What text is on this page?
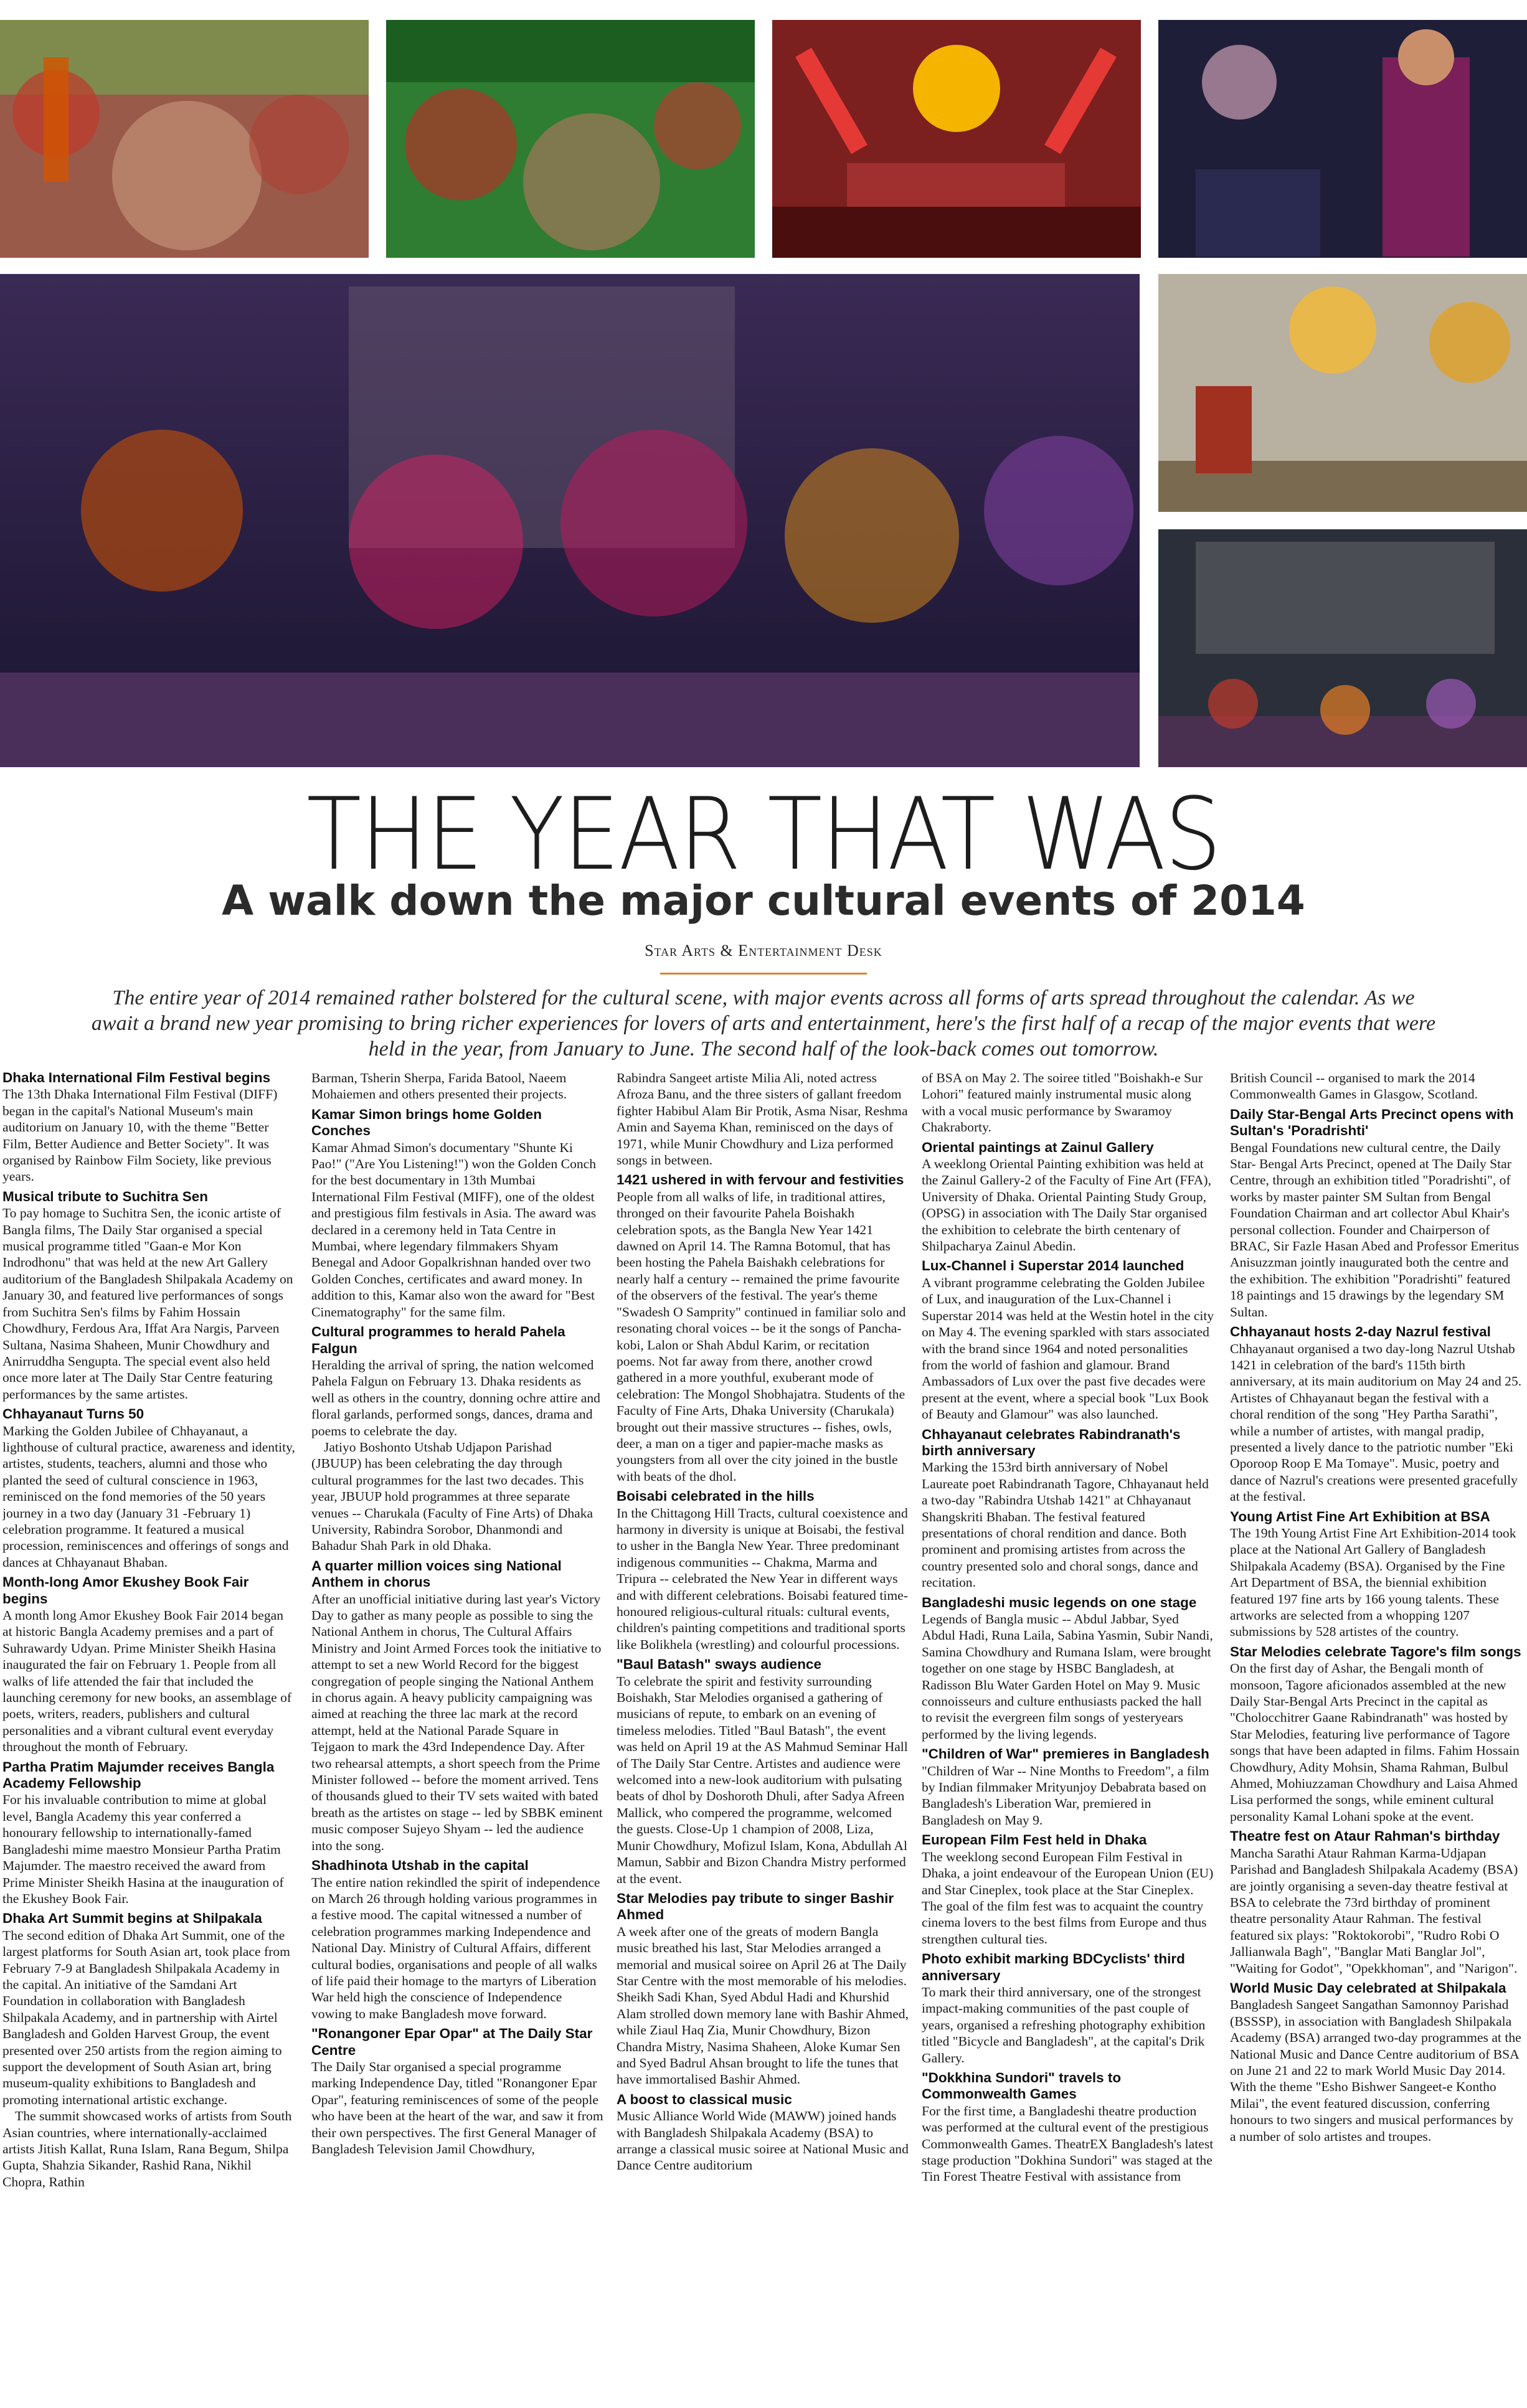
THE YEAR THAT WAS
A walk down the major cultural events of 2014
Star Arts & Entertainment Desk

The entire year of 2014 remained rather bolstered for the cultural scene, with major events across all forms of arts spread throughout the calendar. As we await a brand new year promising to bring richer experiences for lovers of arts and entertainment, here's the first half of a recap of the major events that were held in the year, from January to June. The second half of the look-back comes out tomorrow.

Dhaka International Film Festival begins

The 13th Dhaka International Film Festival (DIFF) began in the capital's National Museum's main auditorium on January 10, with the theme "Better Film, Better Audience and Better Society". It was organised by Rainbow Film Society, like previous years.

Musical tribute to Suchitra Sen

To pay homage to Suchitra Sen, the iconic artiste of Bangla films, The Daily Star organised a special musical programme titled "Gaan-e Mor Kon Indrodhonu" that was held at the new Art Gallery auditorium of the Bangladesh Shilpakala Academy on January 30, and featured live performances of songs from Suchitra Sen's films by Fahim Hossain Chowdhury, Ferdous Ara, Iffat Ara Nargis, Parveen Sultana, Nasima Shaheen, Munir Chowdhury and Anirruddha Sengupta. The special event also held once more later at The Daily Star Centre featuring performances by the same artistes.

Chhayanaut Turns 50

Marking the Golden Jubilee of Chhayanaut, a lighthouse of cultural practice, awareness and identity, artistes, students, teachers, alumni and those who planted the seed of cultural conscience in 1963, reminisced on the fond memories of the 50 years journey in a two day (January 31 -February 1) celebration programme. It featured a musical procession, reminiscences and offerings of songs and dances at Chhayanaut Bhaban.

Month-long Amor Ekushey Book Fair begins

A month long Amor Ekushey Book Fair 2014 began at historic Bangla Academy premises and a part of Suhrawardy Udyan. Prime Minister Sheikh Hasina inaugurated the fair on February 1. People from all walks of life attended the fair that included the launching ceremony for new books, an assemblage of poets, writers, readers, publishers and cultural personalities and a vibrant cultural event everyday throughout the month of February.

Partha Pratim Majumder receives Bangla Academy Fellowship

For his invaluable contribution to mime at global level, Bangla Academy this year conferred a honourary fellowship to internationally-famed Bangladeshi mime maestro Monsieur Partha Pratim Majumder. The maestro received the award from Prime Minister Sheikh Hasina at the inauguration of the Ekushey Book Fair.

Dhaka Art Summit begins at Shilpakala

The second edition of Dhaka Art Summit, one of the largest platforms for South Asian art, took place from February 7-9 at Bangladesh Shilpakala Academy in the capital. An initiative of the Samdani Art Foundation in collaboration with Bangladesh Shilpakala Academy, and in partnership with Airtel Bangladesh and Golden Harvest Group, the event presented over 250 artists from the region aiming to support the development of South Asian art, bring museum-quality exhibitions to Bangladesh and promoting international artistic exchange.

The summit showcased works of artists from South Asian countries, where internationally-acclaimed artists Jitish Kallat, Runa Islam, Rana Begum, Shilpa Gupta, Shahzia Sikander, Rashid Rana, Nikhil Chopra, Rathin

Barman, Tsherin Sherpa, Farida Batool, Naeem Mohaiemen and others presented their projects.

Kamar Simon brings home Golden Conches

Kamar Ahmad Simon's documentary "Shunte Ki Pao!" ("Are You Listening!") won the Golden Conch for the best documentary in 13th Mumbai International Film Festival (MIFF), one of the oldest and prestigious film festivals in Asia. The award was declared in a ceremony held in Tata Centre in Mumbai, where legendary filmmakers Shyam Benegal and Adoor Gopalkrishnan handed over two Golden Conches, certificates and award money. In addition to this, Kamar also won the award for "Best Cinematography" for the same film.

Cultural programmes to herald Pahela Falgun

Heralding the arrival of spring, the nation welcomed Pahela Falgun on February 13. Dhaka residents as well as others in the country, donning ochre attire and floral garlands, performed songs, dances, drama and poems to celebrate the day.

Jatiyo Boshonto Utshab Udjapon Parishad (JBUUP) has been celebrating the day through cultural programmes for the last two decades. This year, JBUUP hold programmes at three separate venues -- Charukala (Faculty of Fine Arts) of Dhaka University, Rabindra Sorobor, Dhanmondi and Bahadur Shah Park in old Dhaka.

A quarter million voices sing National Anthem in chorus

After an unofficial initiative during last year's Victory Day to gather as many people as possible to sing the National Anthem in chorus, The Cultural Affairs Ministry and Joint Armed Forces took the initiative to attempt to set a new World Record for the biggest congregation of people singing the National Anthem in chorus again. A heavy publicity campaigning was aimed at reaching the three lac mark at the record attempt, held at the National Parade Square in Tejgaon to mark the 43rd Independence Day. After two rehearsal attempts, a short speech from the Prime Minister followed -- before the moment arrived. Tens of thousands glued to their TV sets waited with bated breath as the artistes on stage -- led by SBBK eminent music composer Sujeyo Shyam -- led the audience into the song.

Shadhinota Utshab in the capital

The entire nation rekindled the spirit of independence on March 26 through holding various programmes in a festive mood. The capital witnessed a number of celebration programmes marking Independence and National Day. Ministry of Cultural Affairs, different cultural bodies, organisations and people of all walks of life paid their homage to the martyrs of Liberation War held high the conscience of Independence vowing to make Bangladesh move forward.

"Ronangoner Epar Opar" at The Daily Star Centre

The Daily Star organised a special programme marking Independence Day, titled "Ronangoner Epar Opar", featuring reminiscences of some of the people who have been at the heart of the war, and saw it from their own perspectives. The first General Manager of Bangladesh Television Jamil Chowdhury,

Rabindra Sangeet artiste Milia Ali, noted actress Afroza Banu, and the three sisters of gallant freedom fighter Habibul Alam Bir Protik, Asma Nisar, Reshma Amin and Sayema Khan, reminisced on the days of 1971, while Munir Chowdhury and Liza performed songs in between.

1421 ushered in with fervour and festivities

People from all walks of life, in traditional attires, thronged on their favourite Pahela Boishakh celebration spots, as the Bangla New Year 1421 dawned on April 14. The Ramna Botomul, that has been hosting the Pahela Baishakh celebrations for nearly half a century -- remained the prime favourite of the observers of the festival. The year's theme "Swadesh O Samprity" continued in familiar solo and resonating choral voices -- be it the songs of Pancha-kobi, Lalon or Shah Abdul Karim, or recitation poems. Not far away from there, another crowd gathered in a more youthful, exuberant mode of celebration: The Mongol Shobhajatra. Students of the Faculty of Fine Arts, Dhaka University (Charukala) brought out their massive structures -- fishes, owls, deer, a man on a tiger and papier-mache masks as youngsters from all over the city joined in the bustle with beats of the dhol.

Boisabi celebrated in the hills

In the Chittagong Hill Tracts, cultural coexistence and harmony in diversity is unique at Boisabi, the festival to usher in the Bangla New Year. Three predominant indigenous communities -- Chakma, Marma and Tripura -- celebrated the New Year in different ways and with different celebrations. Boisabi featured time-honoured religious-cultural rituals: cultural events, children's painting competitions and traditional sports like Bolikhela (wrestling) and colourful processions.

"Baul Batash" sways audience

To celebrate the spirit and festivity surrounding Boishakh, Star Melodies organised a gathering of musicians of repute, to embark on an evening of timeless melodies. Titled "Baul Batash", the event was held on April 19 at the AS Mahmud Seminar Hall of The Daily Star Centre. Artistes and audience were welcomed into a new-look auditorium with pulsating beats of dhol by Doshoroth Dhuli, after Sadya Afreen Mallick, who compered the programme, welcomed the guests. Close-Up 1 champion of 2008, Liza, Munir Chowdhury, Mofizul Islam, Kona, Abdullah Al Mamun, Sabbir and Bizon Chandra Mistry performed at the event.

Star Melodies pay tribute to singer Bashir Ahmed

A week after one of the greats of modern Bangla music breathed his last, Star Melodies arranged a memorial and musical soiree on April 26 at The Daily Star Centre with the most memorable of his melodies. Sheikh Sadi Khan, Syed Abdul Hadi and Khurshid Alam strolled down memory lane with Bashir Ahmed, while Ziaul Haq Zia, Munir Chowdhury, Bizon Chandra Mistry, Nasima Shaheen, Aloke Kumar Sen and Syed Badrul Ahsan brought to life the tunes that have immortalised Bashir Ahmed.

A boost to classical music

Music Alliance World Wide (MAWW) joined hands with Bangladesh Shilpakala Academy (BSA) to arrange a classical music soiree at National Music and Dance Centre auditorium

of BSA on May 2. The soiree titled "Boishakh-e Sur Lohori" featured mainly instrumental music along with a vocal music performance by Swaramoy Chakraborty.

Oriental paintings at Zainul Gallery

A weeklong Oriental Painting exhibition was held at the Zainul Gallery-2 of the Faculty of Fine Art (FFA), University of Dhaka. Oriental Painting Study Group, (OPSG) in association with The Daily Star organised the exhibition to celebrate the birth centenary of Shilpacharya Zainul Abedin.

Lux-Channel i Superstar 2014 launched

A vibrant programme celebrating the Golden Jubilee of Lux, and inauguration of the Lux-Channel i Superstar 2014 was held at the Westin hotel in the city on May 4. The evening sparkled with stars associated with the brand since 1964 and noted personalities from the world of fashion and glamour. Brand Ambassadors of Lux over the past five decades were present at the event, where a special book "Lux Book of Beauty and Glamour" was also launched.

Chhayanaut celebrates Rabindranath's birth anniversary

Marking the 153rd birth anniversary of Nobel Laureate poet Rabindranath Tagore, Chhayanaut held a two-day "Rabindra Utshab 1421" at Chhayanaut Shangskriti Bhaban. The festival featured presentations of choral rendition and dance. Both prominent and promising artistes from across the country presented solo and choral songs, dance and recitation.

Bangladeshi music legends on one stage

Legends of Bangla music -- Abdul Jabbar, Syed Abdul Hadi, Runa Laila, Sabina Yasmin, Subir Nandi, Samina Chowdhury and Rumana Islam, were brought together on one stage by HSBC Bangladesh, at Radisson Blu Water Garden Hotel on May 9. Music connoisseurs and culture enthusiasts packed the hall to revisit the evergreen film songs of yesteryears performed by the living legends.

"Children of War" premieres in Bangladesh

"Children of War -- Nine Months to Freedom", a film by Indian filmmaker Mrityunjoy Debabrata based on Bangladesh's Liberation War, premiered in Bangladesh on May 9.

European Film Fest held in Dhaka

The weeklong second European Film Festival in Dhaka, a joint endeavour of the European Union (EU) and Star Cineplex, took place at the Star Cineplex. The goal of the film fest was to acquaint the country cinema lovers to the best films from Europe and thus strengthen cultural ties.

Photo exhibit marking BDCyclists' third anniversary

To mark their third anniversary, one of the strongest impact-making communities of the past couple of years, organised a refreshing photography exhibition titled "Bicycle and Bangladesh", at the capital's Drik Gallery.

"Dokkhina Sundori" travels to Commonwealth Games

For the first time, a Bangladeshi theatre production was performed at the cultural event of the prestigious Commonwealth Games. TheatrEX Bangladesh's latest stage production "Dokhina Sundori" was staged at the Tin Forest Theatre Festival with assistance from

British Council -- organised to mark the 2014 Commonwealth Games in Glasgow, Scotland.

Daily Star-Bengal Arts Precinct opens with Sultan's 'Poradrishti'

Bengal Foundations new cultural centre, the Daily Star- Bengal Arts Precinct, opened at The Daily Star Centre, through an exhibition titled "Poradrishti", of works by master painter SM Sultan from Bengal Foundation Chairman and art collector Abul Khair's personal collection. Founder and Chairperson of BRAC, Sir Fazle Hasan Abed and Professor Emeritus Anisuzzman jointly inaugurated both the centre and the exhibition. The exhibition "Poradrishti" featured 18 paintings and 15 drawings by the legendary SM Sultan.

Chhayanaut hosts 2-day Nazrul festival

Chhayanaut organised a two day-long Nazrul Utshab 1421 in celebration of the bard's 115th birth anniversary, at its main auditorium on May 24 and 25. Artistes of Chhayanaut began the festival with a choral rendition of the song "Hey Partha Sarathi", while a number of artistes, with mangal pradip, presented a lively dance to the patriotic number "Eki Oporoop Roop E Ma Tomaye". Music, poetry and dance of Nazrul's creations were presented gracefully at the festival.

Young Artist Fine Art Exhibition at BSA

The 19th Young Artist Fine Art Exhibition-2014 took place at the National Art Gallery of Bangladesh Shilpakala Academy (BSA). Organised by the Fine Art Department of BSA, the biennial exhibition featured 197 fine arts by 166 young talents. These artworks are selected from a whopping 1207 submissions by 528 artistes of the country.

Star Melodies celebrate Tagore's film songs

On the first day of Ashar, the Bengali month of monsoon, Tagore aficionados assembled at the new Daily Star-Bengal Arts Precinct in the capital as "Cholocchitrer Gaane Rabindranath" was hosted by Star Melodies, featuring live performance of Tagore songs that have been adapted in films. Fahim Hossain Chowdhury, Adity Mohsin, Shama Rahman, Bulbul Ahmed, Mohiuzzaman Chowdhury and Laisa Ahmed Lisa performed the songs, while eminent cultural personality Kamal Lohani spoke at the event.

Theatre fest on Ataur Rahman's birthday

Mancha Sarathi Ataur Rahman Karma-Udjapan Parishad and Bangladesh Shilpakala Academy (BSA) are jointly organising a seven-day theatre festival at BSA to celebrate the 73rd birthday of prominent theatre personality Ataur Rahman. The festival featured six plays: "Roktokorobi", "Rudro Robi O Jallianwala Bagh", "Banglar Mati Banglar Jol", "Waiting for Godot", "Opekkhoman", and "Narigon".

World Music Day celebrated at Shilpakala

Bangladesh Sangeet Sangathan Samonnoy Parishad (BSSSP), in association with Bangladesh Shilpakala Academy (BSA) arranged two-day programmes at the National Music and Dance Centre auditorium of BSA on June 21 and 22 to mark World Music Day 2014. With the theme "Esho Bishwer Sangeet-e Kontho Milai", the event featured discussion, conferring honours to two singers and musical performances by a number of solo artistes and troupes.
